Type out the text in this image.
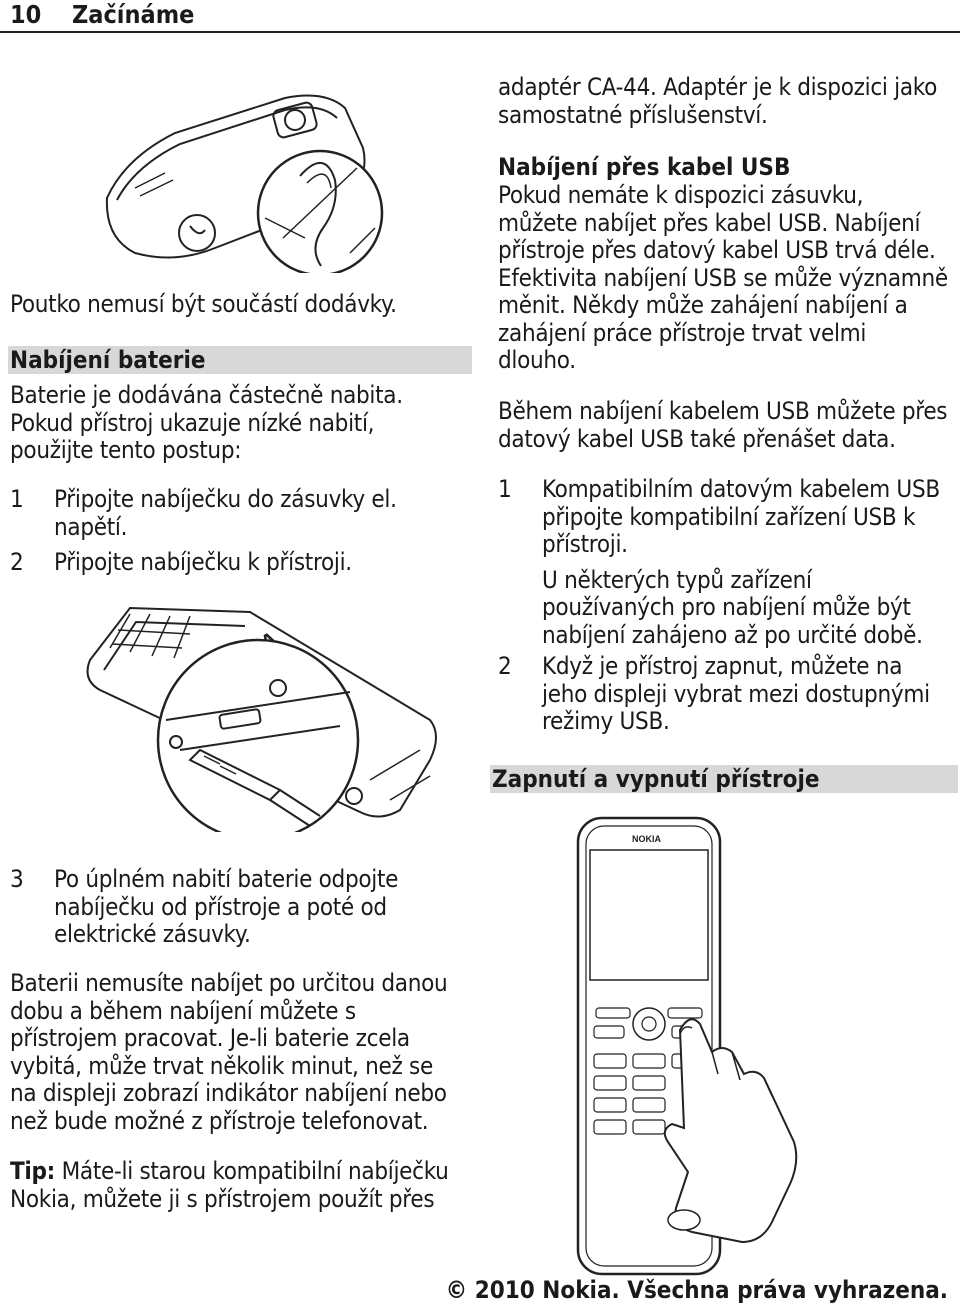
10 Začínáme
Poutko nemusí být součástí dodávky.
Nabíjení baterie

Baterie je dodávána částečně nabita.

Pokud přístroj ukazuje nízké nabití,

použijte tento postup:

1	Připojte nabíječku do zásuvky el.
napětí.
2	Připojte nabíječku k přístroji.
3	Po úplném nabití baterie odpojte
nabíječku od přístroje a poté od
elektrické zásuvky.

Baterii nemusíte nabíjet po určitou danou

dobu a během nabíjení můžete s

přístrojem pracovat. Je-li baterie zcela

vybitá, může trvat několik minut, než se

na displeji zobrazí indikátor nabíjení nebo

než bude možné z přístroje telefonovat.

Tip: Máte-li starou kompatibilní nabíječku

Nokia, můžete ji s přístrojem použít přes

adaptér CA-44. Adaptér je k dispozici jako

samostatné příslušenství.

Nabíjení přes kabel USB

Pokud nemáte k dispozici zásuvku,

můžete nabíjet přes kabel USB. Nabíjení

přístroje přes datový kabel USB trvá déle.

Efektivita nabíjení USB se může významně

měnit. Někdy může zahájení nabíjení a

zahájení práce přístroje trvat velmi

dlouho.

Během nabíjení kabelem USB můžete přes

datový kabel USB také přenášet data.

1	Kompatibilním datovým kabelem USB
připojte kompatibilní zařízení USB k
přístroji.
U některých typů zařízení
používaných pro nabíjení může být
nabíjení zahájeno až po určité době.
2	Když je přístroj zapnut, můžete na
jeho displeji vybrat mezi dostupnými
režimy USB.
Zapnutí a vypnutí přístroje
NOKIA
© 2010 Nokia. Všechna práva vyhrazena.
